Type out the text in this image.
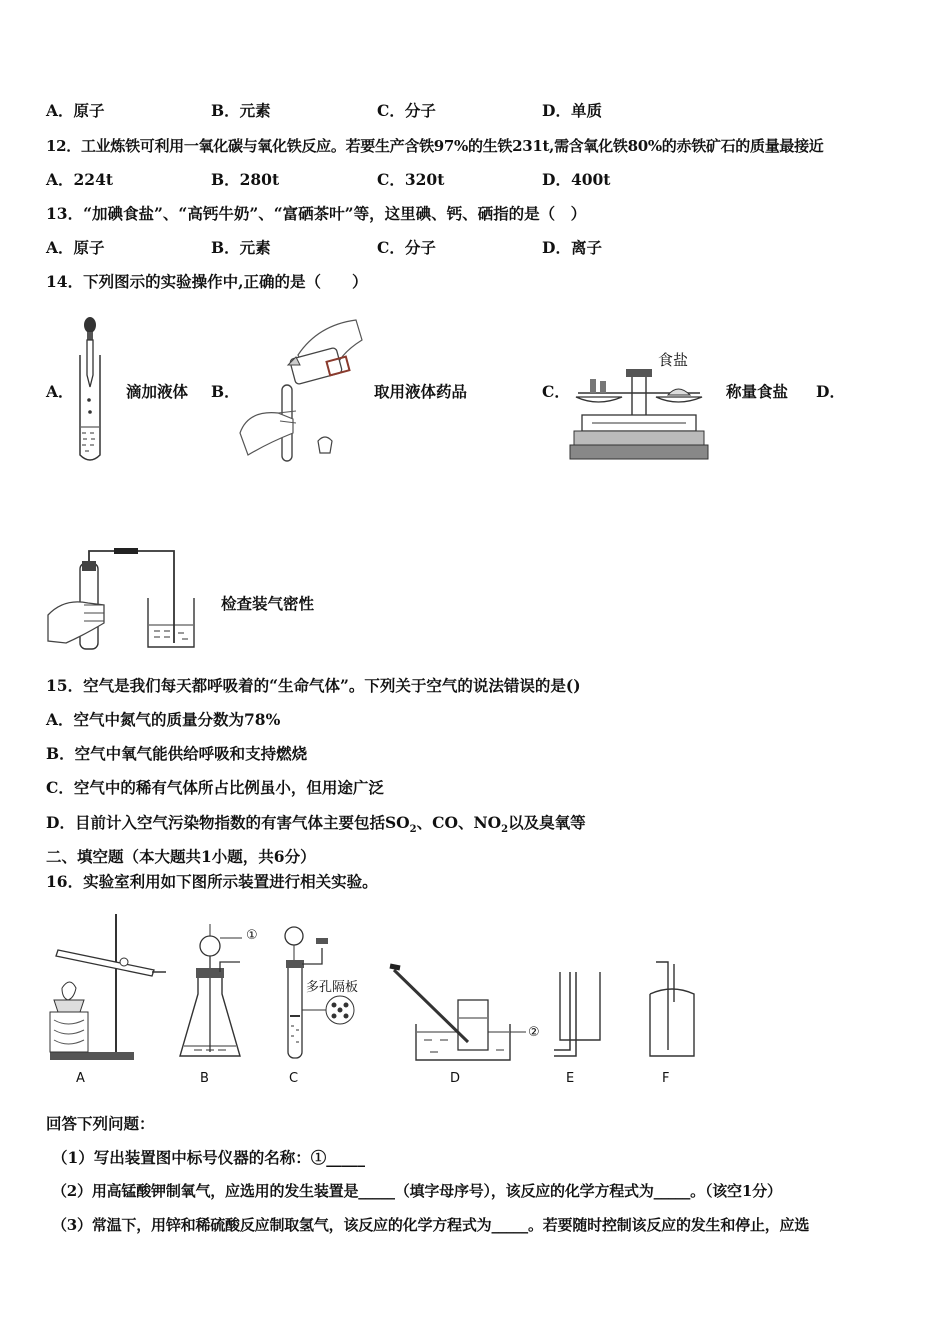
A．原子	B．元素	C．分子	D．单质
12．工业炼铁可利用一氧化碳与氧化铁反应。若要生产含铁97%的生铁231t,需含氧化铁80%的赤铁矿石的质量最接近
A．224t	B．280t	C．320t	D．400t
13．“加碘食盐”、“高钙牛奶”、“富硒茶叶”等，这里碘、钙、硒指的是（　）
A．原子	B．元素	C．分子	D．离子
14．下列图示的实验操作中,正确的是（　　）
A．	滴加液体 B．	取用液体药品	C．
食盐
称量食盐 D．
检查装气密性
15．空气是我们每天都呼吸着的“生命气体”。下列关于空气的说法错误的是()
A．空气中氮气的质量分数为78%
B．空气中氧气能供给呼吸和支持燃烧
C．空气中的稀有气体所占比例虽小，但用途广泛
D．目前计入空气污染物指数的有害气体主要包括$SO_2$、CO、$NO_2$以及臭氧等
二、填空题（本大题共1小题，共6分）
16．实验室利用如下图所示装置进行相关实验。
①
②
多孔隔板
A	B	C	D	E	F
回答下列问题：
（1）写出装置图中标号仪器的名称：①_____
（2）用高锰酸钾制氧气，应选用的发生装置是_____（填字母序号），该反应的化学方程式为_____。（该空1分）
（3）常温下，用锌和稀硫酸反应制取氢气，该反应的化学方程式为_____。若要随时控制该反应的发生和停止，应选
